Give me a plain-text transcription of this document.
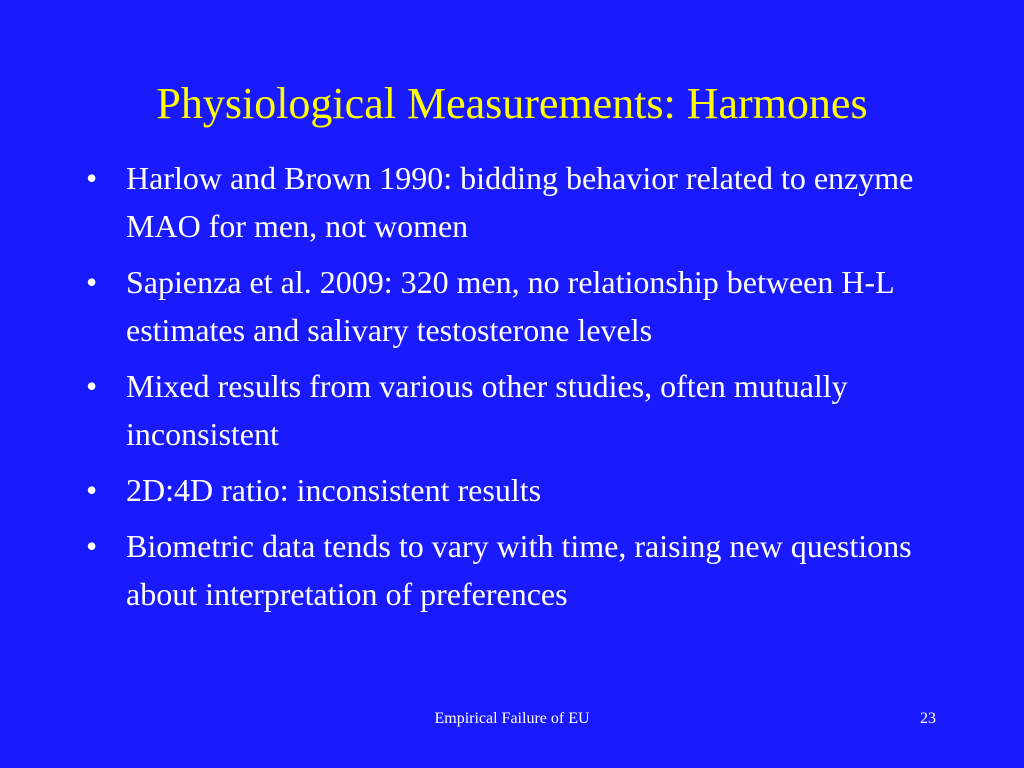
Physiological Measurements: Harmones
• Harlow and Brown 1990: bidding behavior related to enzyme MAO for men, not women
• Sapienza et al. 2009: 320 men, no relationship between H-L estimates and salivary testosterone levels
• Mixed results from various other studies, often mutually inconsistent
• 2D:4D ratio: inconsistent results
• Biometric data tends to vary with time, raising new questions about interpretation of preferences
Empirical Failure of EU	23
